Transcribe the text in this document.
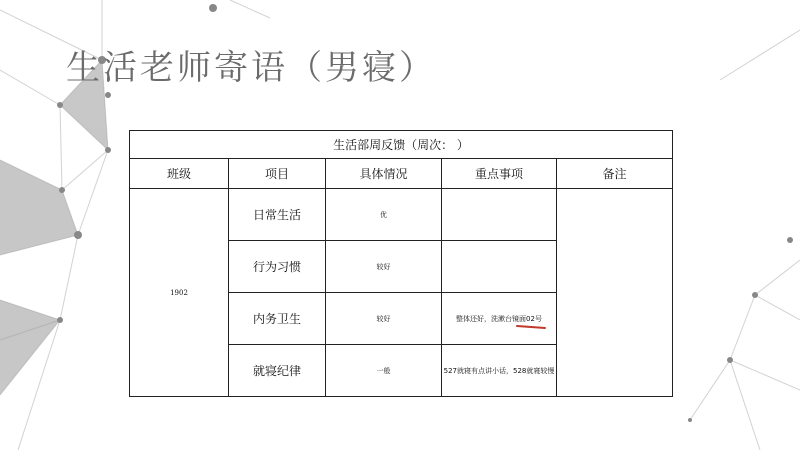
生活老师寄语（男寝）
生活部周反馈（周次： ）				
班级	项目	具体情况	重点事项	备注
1902	日常生活	优		
	行为习惯	较好		
	内务卫生	较好	整体还好，洗漱台镜面02号	

	就寝纪律	一般	527就寝有点讲小话，528就寝较慢	
